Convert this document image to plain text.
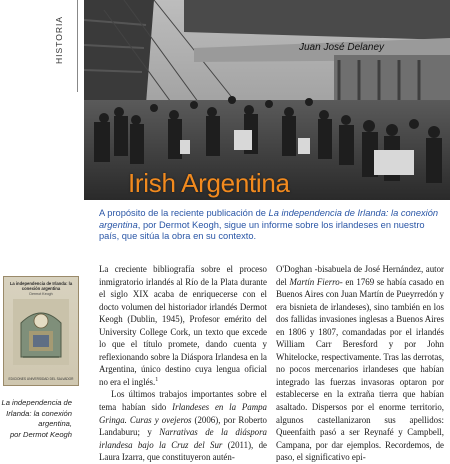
HISTORIA
La independencia de Irlanda: la conexión argentina
Dermot Keogh
EDICIONES UNIVERSIDAD DEL SALVADOR
La independencia de Irlanda: la conexión argentina,
por Dermot Keogh
Juan José Delaney
Irish Argentina
A propósito de la reciente publicación de La independencia de Irlanda: la conexión argentina, por Dermot Keogh, sigue un informe sobre los irlandeses en nuestro país, que sitúa la obra en su contexto.
La creciente bibliografía sobre el proceso inmigratorio irlandés al Río de la Plata durante el siglo XIX acaba de enriquecerse con el docto volumen del historiador irlandés Dermot Keogh (Dublin, 1945), Profesor emérito del University College Cork, un texto que excede lo que el título promete, dando cuenta y reflexionando sobre la Diáspora Irlandesa en la Argentina, único destino cuya lengua oficial no era el inglés.$^1$
Los últimos trabajos importantes sobre el tema habían sido Irlandeses en la Pampa Gringa. Curas y ovejeros (2006), por Roberto Landaburu; y Narrativas de la diáspora irlandesa bajo la Cruz del Sur (2011), de Laura Izarra, que constituyeron autén-
O'Doghan -bisabuela de José Hernández, autor del Martín Fierro- en 1769 se había casado en Buenos Aires con Juan Martín de Pueyrredón y era bisnieta de irlandeses), sino también en los dos fallidas invasiones inglesas a Buenos Aires en 1806 y 1807, comandadas por el irlandés William Carr Beresford y por John Whitelocke, respectivamente. Tras las derrotas, no pocos mercenarios irlandeses que habían integrado las fuerzas invasoras optaron por establecerse en la extraña tierra que habían asaltado. Dispersos por el enorme territorio, algunos castellanizaron sus apellidos: Queenfaith pasó a ser Reynafé y Campbell, Campana, por dar ejemplos. Recordemos, de paso, el significativo epi-
